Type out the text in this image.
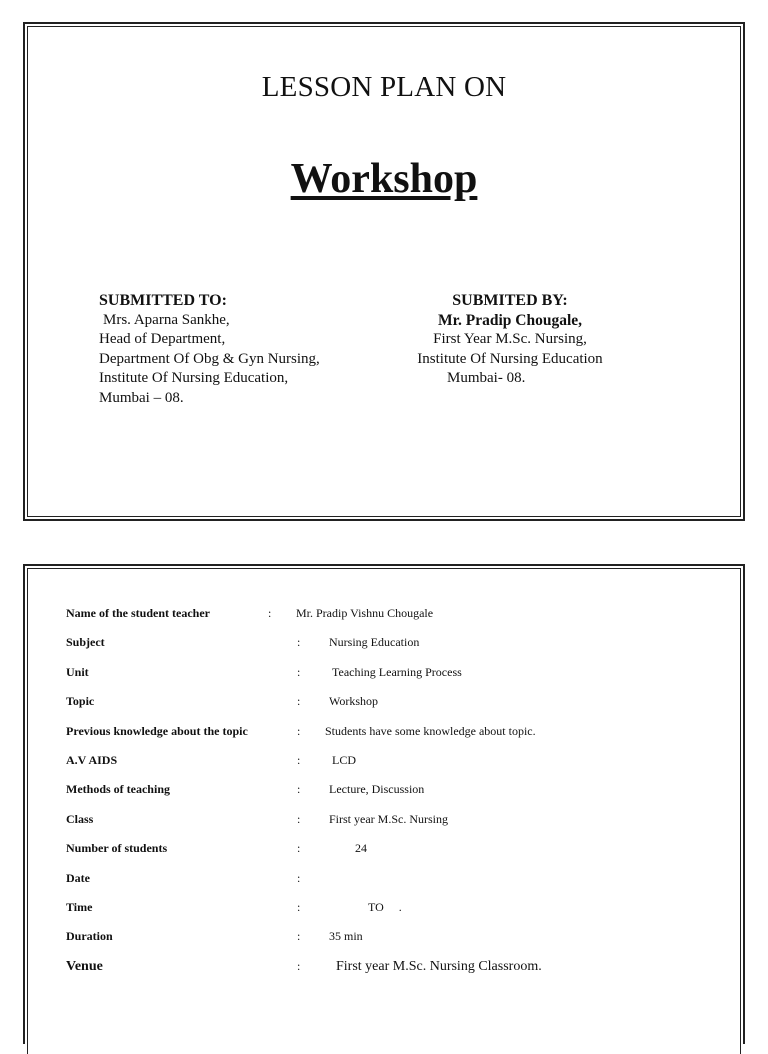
LESSON PLAN ON
Workshop
SUBMITTED TO:
Mrs. Aparna Sankhe,
Head of Department,
Department Of Obg & Gyn Nursing,
Institute Of Nursing Education,
Mumbai – 08.
SUBMITED BY:
Mr. Pradip Chougale,
First Year M.Sc. Nursing,
Institute Of Nursing Education
Mumbai- 08.
Name of the student teacher	: Mr. Pradip Vishnu Chougale
Subject	: Nursing Education
Unit	:	Teaching Learning Process
Topic	: Workshop
Previous knowledge about the topic	: Students have some knowledge about topic.
A.V AIDS	:	LCD
Methods of teaching	: Lecture, Discussion
Class	: First year M.Sc. Nursing
Number of students	:	24
Date	:
Time	:	TO     .
Duration	: 35 min
Venue	:	First year M.Sc. Nursing Classroom.
